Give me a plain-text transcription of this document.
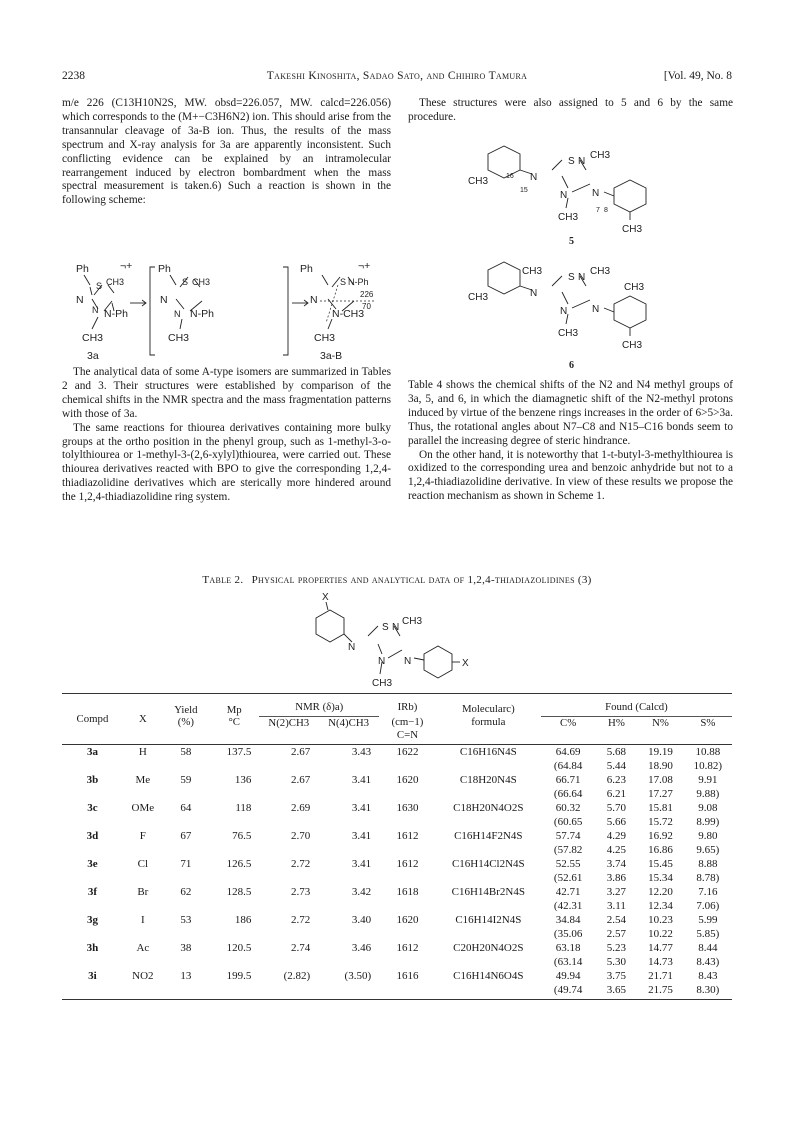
2238	Takeshi Kinoshita, Sadao Sato, and Chihiro Tamura	[Vol. 49, No. 8

m/e 226 (C13H10N2S, MW. obsd=226.057, MW. calcd=226.056) which corresponds to the (M+−C3H6N2) ion. This should arise from the transannular cleavage of 3a-B ion. Thus, the results of the mass spectrum and X-ray analysis for 3a are apparently inconsistent. Such conflicting evidence can be explained by an intramolecular rearrangement induced by electron bombardment when the mass spectral measurement is taken.6) Such a reaction is shown in the following scheme:

Ph	¬+
S CH3
N
N-Ph
N
CH3
3a
Ph
S CH3
N
N-Ph
N
CH3
Ph	¬+
S N-Ph
N	226
70
N-CH3
CH3
3a-B

The analytical data of some A-type isomers are summarized in Tables 2 and 3. Their structures were established by comparison of the chemical shifts in the NMR spectra and the mass fragmentation patterns with those of 3a.

The same reactions for thiourea derivatives containing more bulky groups at the ortho position in the phenyl group, such as 1-methyl-3-o-tolylthiourea or 1-methyl-3-(2,6-xylyl)thiourea, were carried out. These thiourea derivatives reacted with BPO to give the corresponding 1,2,4-thiadiazolidine derivatives which are sterically more hindered around the 1,2,4-thiadiazolidine ring system.

These structures were also assigned to 5 and 6 by the same procedure.

CH3	16 N
15
S N
CH3
N N
CH3
7 8
CH3
5
CH3
CH3
N
S N
CH3
CH3
N N
CH3
CH3
6

Table 4 shows the chemical shifts of the N2 and N4 methyl groups of 3a, 5, and 6, in which the diamagnetic shift of the N2-methyl protons induced by virtue of the benzene rings increases in the order of 6>5>3a. Thus, the rotational angles about N7–C8 and N15–C16 bonds seem to parallel the increasing degree of steric hindrance.

On the other hand, it is noteworthy that 1-t-butyl-3-methylthiourea is oxidized to the corresponding urea and benzoic anhydride but not to a 1,2,4-thiadiazolidine derivative. In view of these results we propose the reaction mechanism as shown in Scheme 1.

Table 2. Physical properties and analytical data of 1,2,4-thiadiazolidines (3)
X
S N
CH3
N
N N	X
CH3
Compd	X	Yield	Mp	NMR (δ)a)		IRb)	Molecularc)	Found (Calcd)			
		(%)	°C	N(2)CH3	N(4)CH3	(cm−1)	formula	C%	H%	N%	S%
						C=N					
3a	H	58	137.5	2.67	3.43	1622	C16H16N4S	64.69	5.68	19.19	10.88
								(64.84	5.44	18.90	10.82)
3b	Me	59	136	2.67	3.41	1620	C18H20N4S	66.71	6.23	17.08	9.91
								(66.64	6.21	17.27	9.88)
3c	OMe	64	118	2.69	3.41	1630	C18H20N4O2S	60.32	5.70	15.81	9.08
								(60.65	5.66	15.72	8.99)
3d	F	67	76.5	2.70	3.41	1612	C16H14F2N4S	57.74	4.29	16.92	9.80
								(57.82	4.25	16.86	9.65)
3e	Cl	71	126.5	2.72	3.41	1612	C16H14Cl2N4S	52.55	3.74	15.45	8.88
								(52.61	3.86	15.34	8.78)
3f	Br	62	128.5	2.73	3.42	1618	C16H14Br2N4S	42.71	3.27	12.20	7.16
								(42.31	3.11	12.34	7.06)
3g	I	53	186	2.72	3.40	1620	C16H14I2N4S	34.84	2.54	10.23	5.99
								(35.06	2.57	10.22	5.85)
3h	Ac	38	120.5	2.74	3.46	1612	C20H20N4O2S	63.18	5.23	14.77	8.44
								(63.14	5.30	14.73	8.43)
3i	NO2	13	199.5	(2.82)	(3.50)	1616	C16H14N6O4S	49.94	3.75	21.71	8.43
								(49.74	3.65	21.75	8.30)
